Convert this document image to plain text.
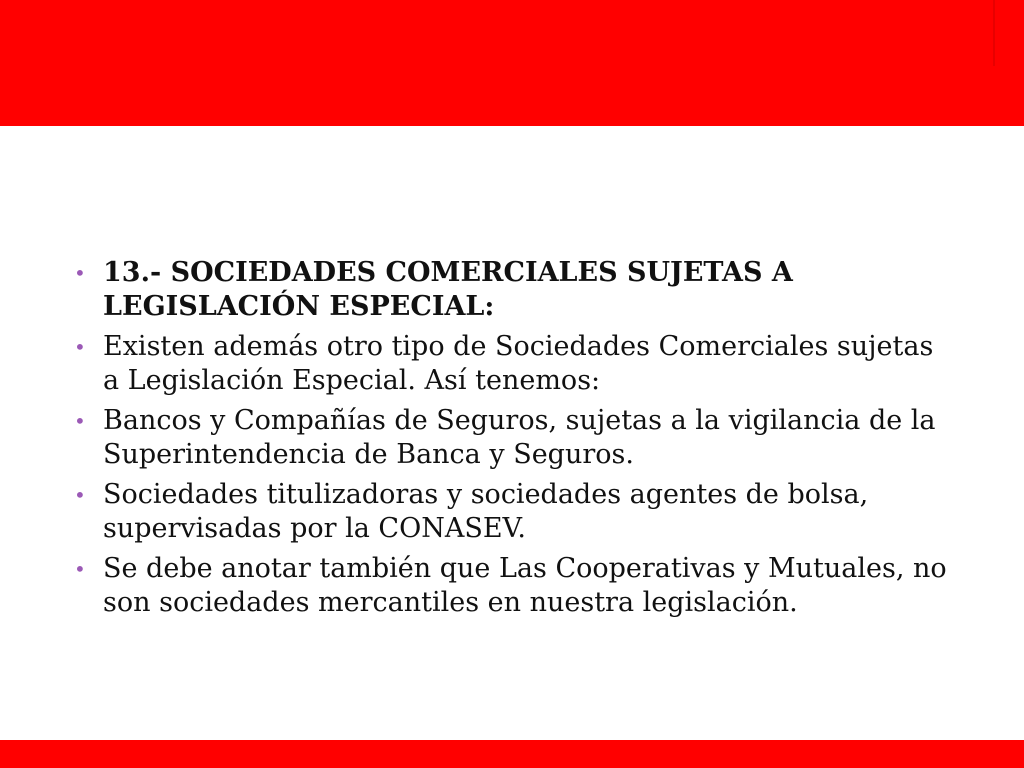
• 13.- SOCIEDADES COMERCIALES SUJETAS A LEGISLACIÓN ESPECIAL:
• Existen además otro tipo de Sociedades Comerciales sujetas a Legislación Especial. Así tenemos:
• Bancos y Compañías de Seguros, sujetas a la vigilancia de la Superintendencia de Banca y Seguros.
• Sociedades titulizadoras y sociedades agentes de bolsa, supervisadas por la CONASEV.
• Se debe anotar también que Las Cooperativas y Mutuales, no son sociedades mercantiles en nuestra legislación.
